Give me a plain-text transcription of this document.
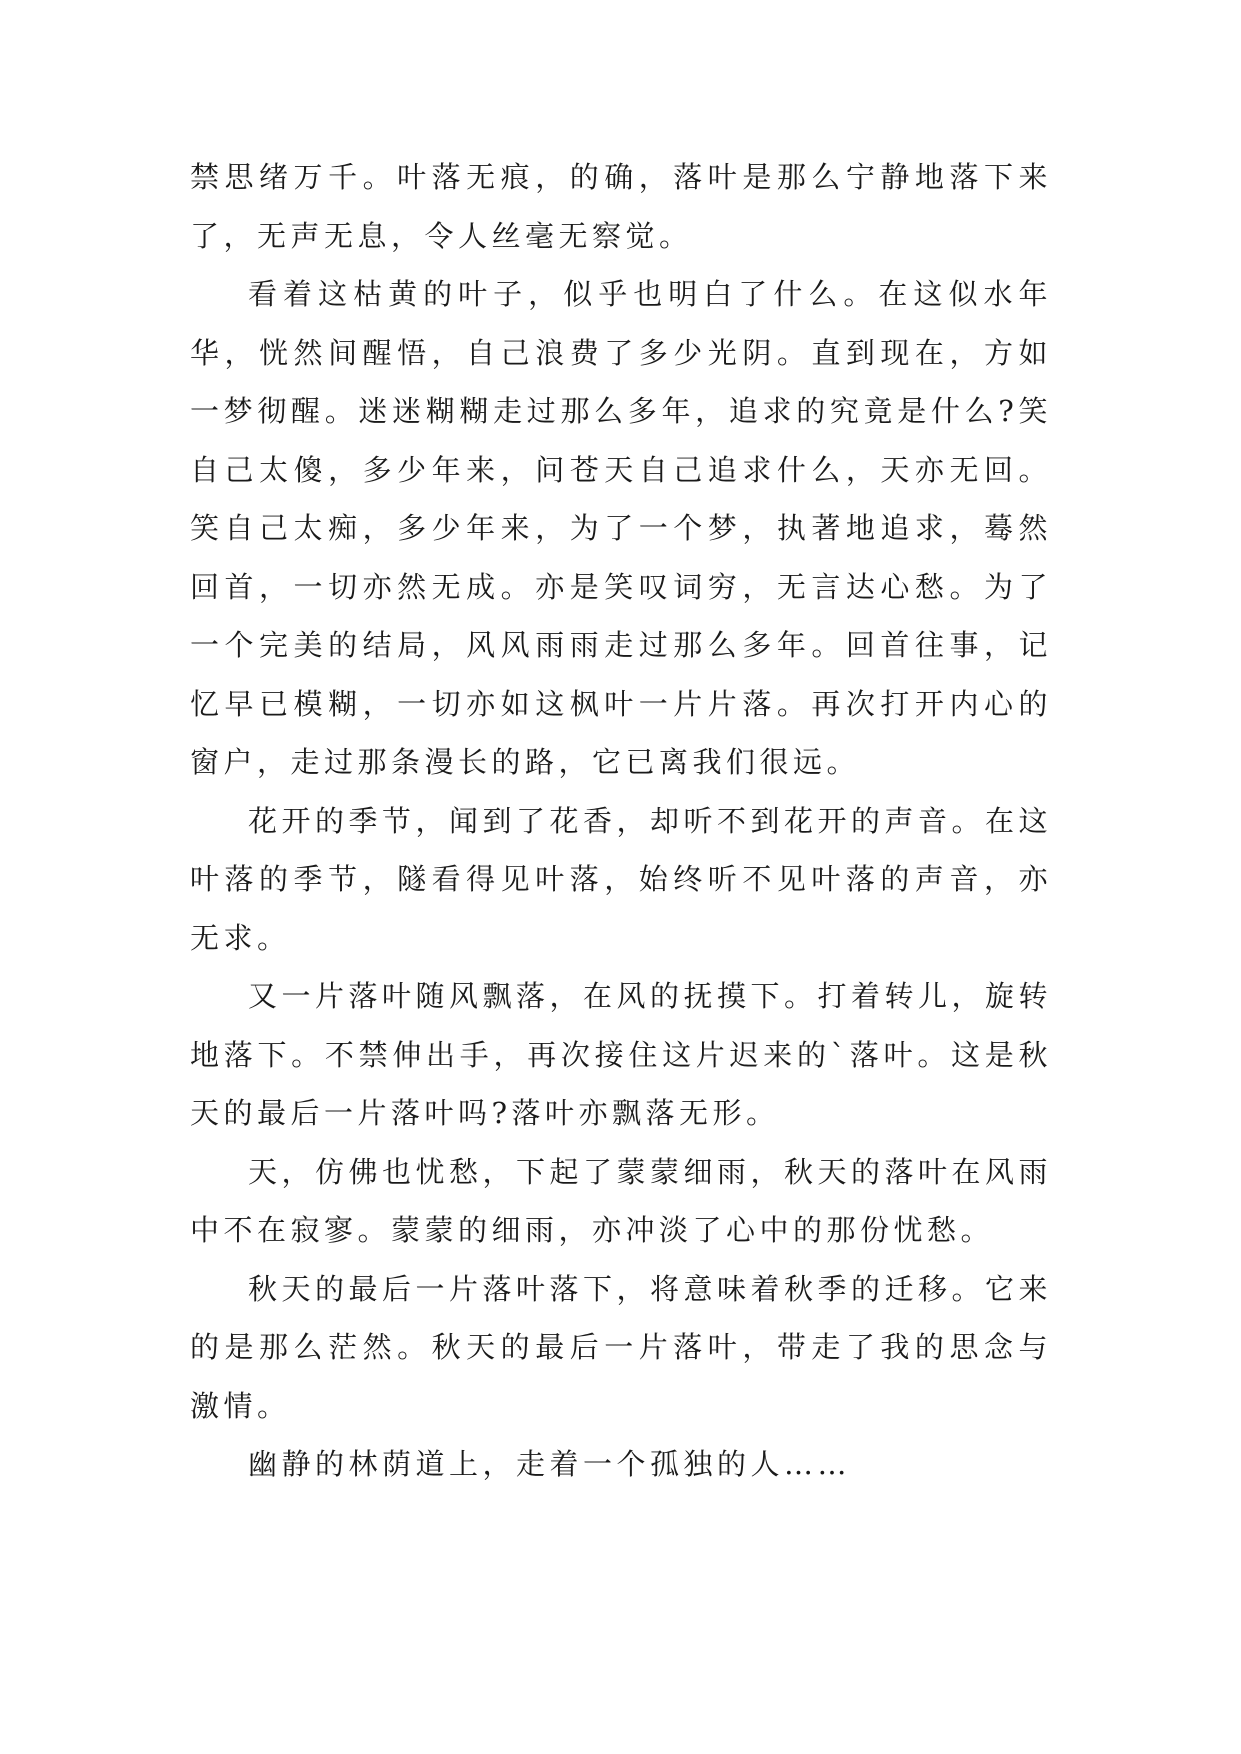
禁思绪万千。叶落无痕，的确，落叶是那么宁静地落下来了，无声无息，令人丝毫无察觉。

看着这枯黄的叶子，似乎也明白了什么。在这似水年华，恍然间醒悟，自己浪费了多少光阴。直到现在，方如一梦彻醒。迷迷糊糊走过那么多年，追求的究竟是什么?笑自己太傻，多少年来，问苍天自己追求什么，天亦无回。笑自己太痴，多少年来，为了一个梦，执著地追求，蓦然回首，一切亦然无成。亦是笑叹词穷，无言达心愁。为了一个完美的结局，风风雨雨走过那么多年。回首往事，记忆早已模糊，一切亦如这枫叶一片片落。再次打开内心的窗户，走过那条漫长的路，它已离我们很远。

花开的季节，闻到了花香，却听不到花开的声音。在这叶落的季节，隧看得见叶落，始终听不见叶落的声音，亦无求。

又一片落叶随风飘落，在风的抚摸下。打着转儿，旋转地落下。不禁伸出手，再次接住这片迟来的`落叶。这是秋天的最后一片落叶吗?落叶亦飘落无形。

天，仿佛也忧愁，下起了蒙蒙细雨，秋天的落叶在风雨中不在寂寥。蒙蒙的细雨，亦冲淡了心中的那份忧愁。

秋天的最后一片落叶落下，将意味着秋季的迁移。它来的是那么茫然。秋天的最后一片落叶，带走了我的思念与激情。

幽静的林荫道上，走着一个孤独的人……
